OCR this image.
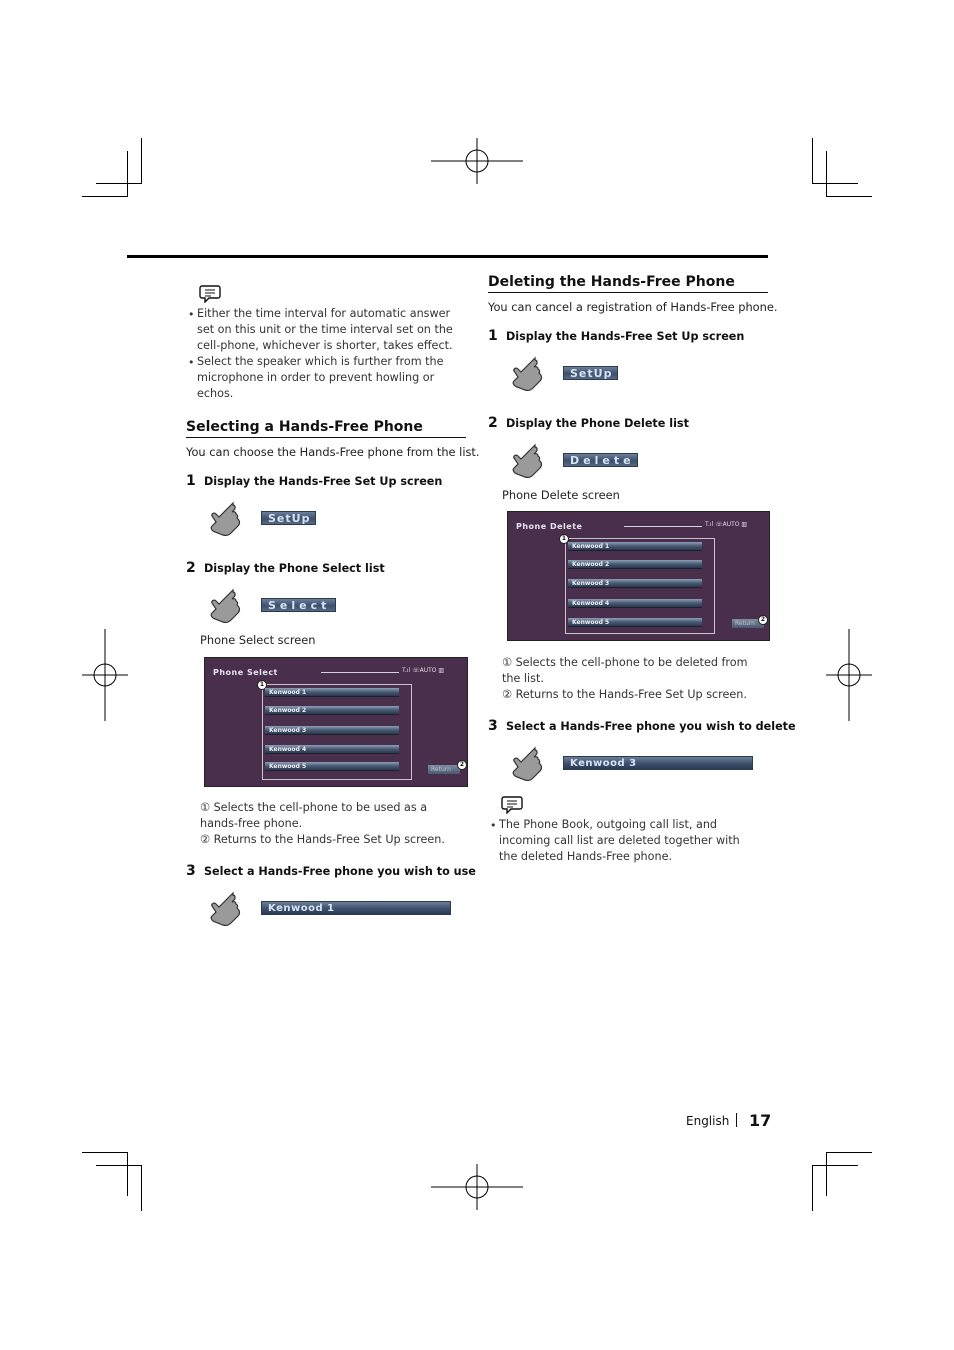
• Either the time interval for automatic answer set on this unit or the time interval set on the cell-phone, whichever is shorter, takes effect.
• Select the speaker which is further from the microphone in order to prevent howling or echos.
Selecting a Hands-Free Phone
You can choose the Hands-Free phone from the list.
1 Display the Hands-Free Set Up screen
SetUp
2 Display the Phone Select list
Select
Phone Select screen
Phone Select	T.ıl ☏AUTO ▥
1
Kenwood 1
Kenwood 2
Kenwood 3
Kenwood 4
Kenwood 5	Return
2
① Selects the cell-phone to be used as a hands-free phone.
② Returns to the Hands-Free Set Up screen.
3 Select a Hands-Free phone you wish to use
Kenwood 1
Deleting the Hands-Free Phone
You can cancel a registration of Hands-Free phone.
1 Display the Hands-Free Set Up screen
SetUp
2 Display the Phone Delete list
Delete
Phone Delete screen
Phone Delete	T.ıl ☏AUTO ▥
1
Kenwood 1
Kenwood 2
Kenwood 3
Kenwood 4
Kenwood 5	Return
2
① Selects the cell-phone to be deleted from the list.
② Returns to the Hands-Free Set Up screen.
3 Select a Hands-Free phone you wish to delete
Kenwood 3
• The Phone Book, outgoing call list, and incoming call list are deleted together with the deleted Hands-Free phone.
English 17
